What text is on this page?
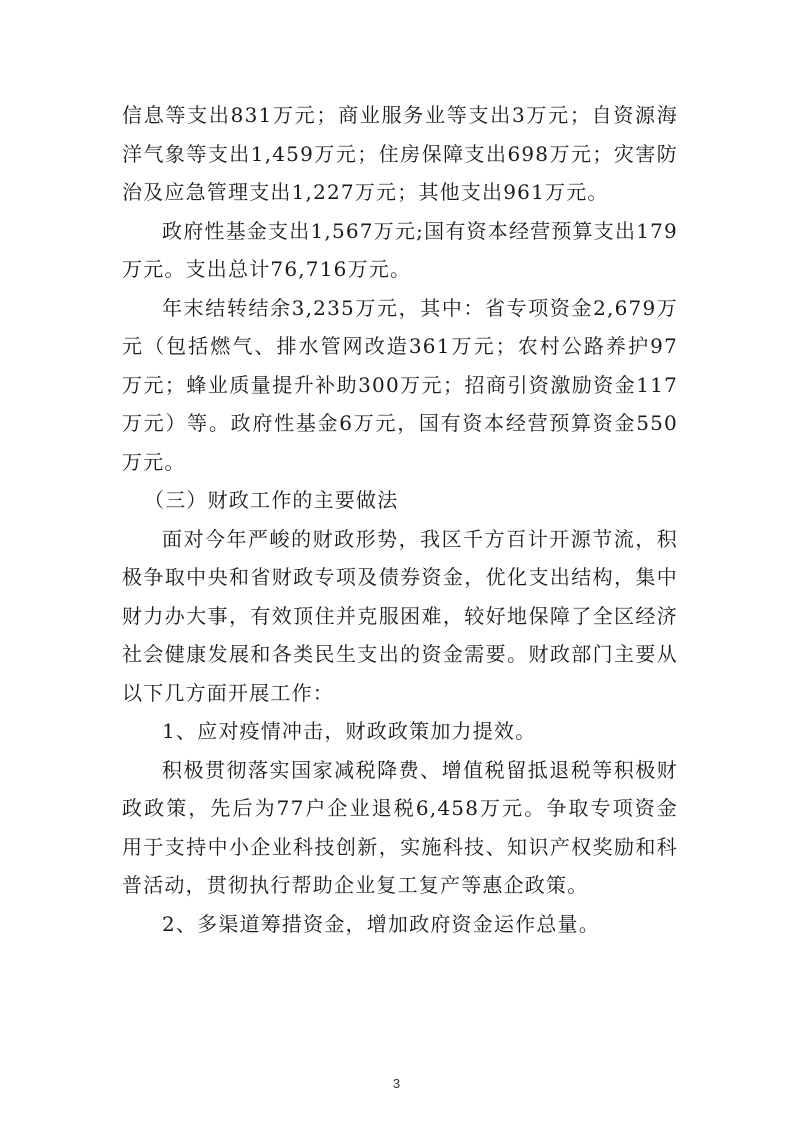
信息等支出831万元；商业服务业等支出3万元；自资源海洋气象等支出1,459万元；住房保障支出698万元；灾害防治及应急管理支出1,227万元；其他支出961万元。

政府性基金支出1,567万元;国有资本经营预算支出179万元。支出总计76,716万元。

年末结转结余3,235万元，其中：省专项资金2,679万元（包括燃气、排水管网改造361万元；农村公路养护97万元；蜂业质量提升补助300万元；招商引资激励资金117万元）等。政府性基金6万元，国有资本经营预算资金550万元。

（三）财政工作的主要做法

面对今年严峻的财政形势，我区千方百计开源节流，积极争取中央和省财政专项及债券资金，优化支出结构，集中财力办大事，有效顶住并克服困难，较好地保障了全区经济社会健康发展和各类民生支出的资金需要。财政部门主要从以下几方面开展工作：

1、应对疫情冲击，财政政策加力提效。

积极贯彻落实国家减税降费、增值税留抵退税等积极财政政策，先后为77户企业退税6,458万元。争取专项资金用于支持中小企业科技创新，实施科技、知识产权奖励和科普活动，贯彻执行帮助企业复工复产等惠企政策。

2、多渠道筹措资金，增加政府资金运作总量。

3
